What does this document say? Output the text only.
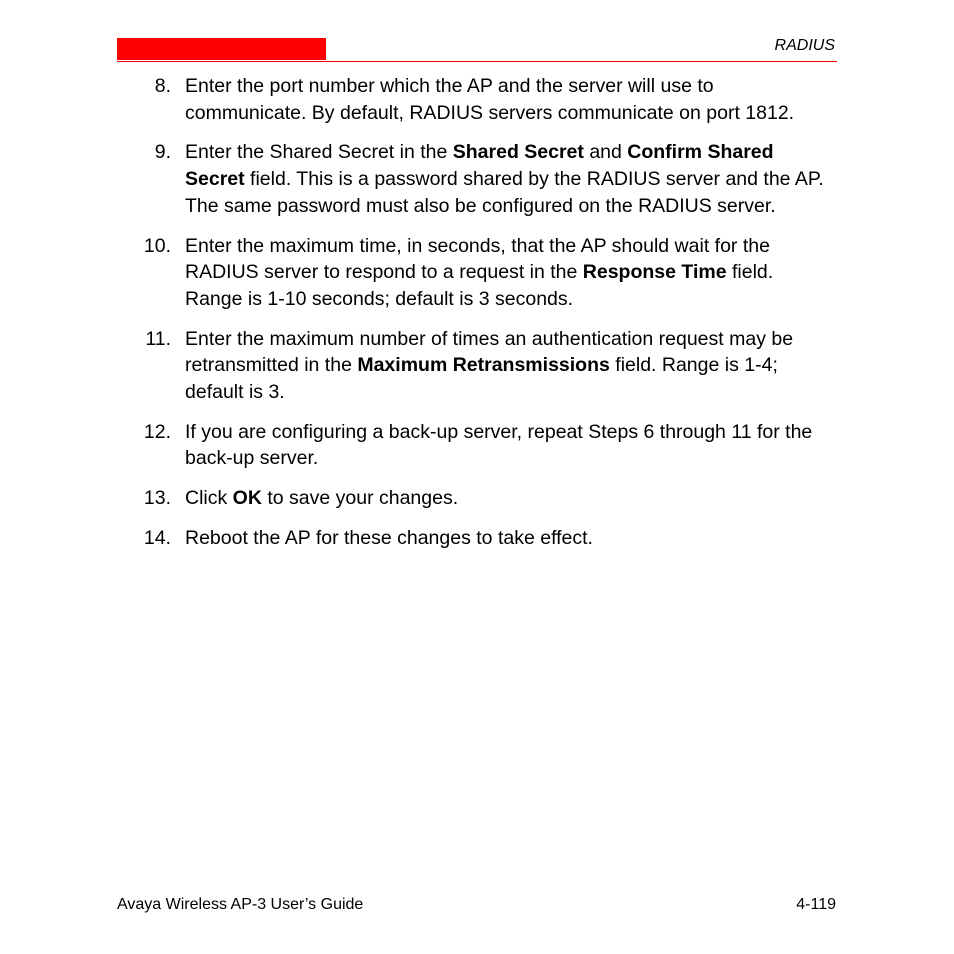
RADIUS
8. Enter the port number which the AP and the server will use to communicate. By default, RADIUS servers communicate on port 1812.
9. Enter the Shared Secret in the Shared Secret and Confirm Shared Secret field. This is a password shared by the RADIUS server and the AP. The same password must also be configured on the RADIUS server.
10. Enter the maximum time, in seconds, that the AP should wait for the RADIUS server to respond to a request in the Response Time field. Range is 1-10 seconds; default is 3 seconds.
11. Enter the maximum number of times an authentication request may be retransmitted in the Maximum Retransmissions field. Range is 1-4; default is 3.
12. If you are configuring a back-up server, repeat Steps 6 through 11 for the back-up server.
13. Click OK to save your changes.
14. Reboot the AP for these changes to take effect.
Avaya Wireless AP-3 User’s Guide	4-119
